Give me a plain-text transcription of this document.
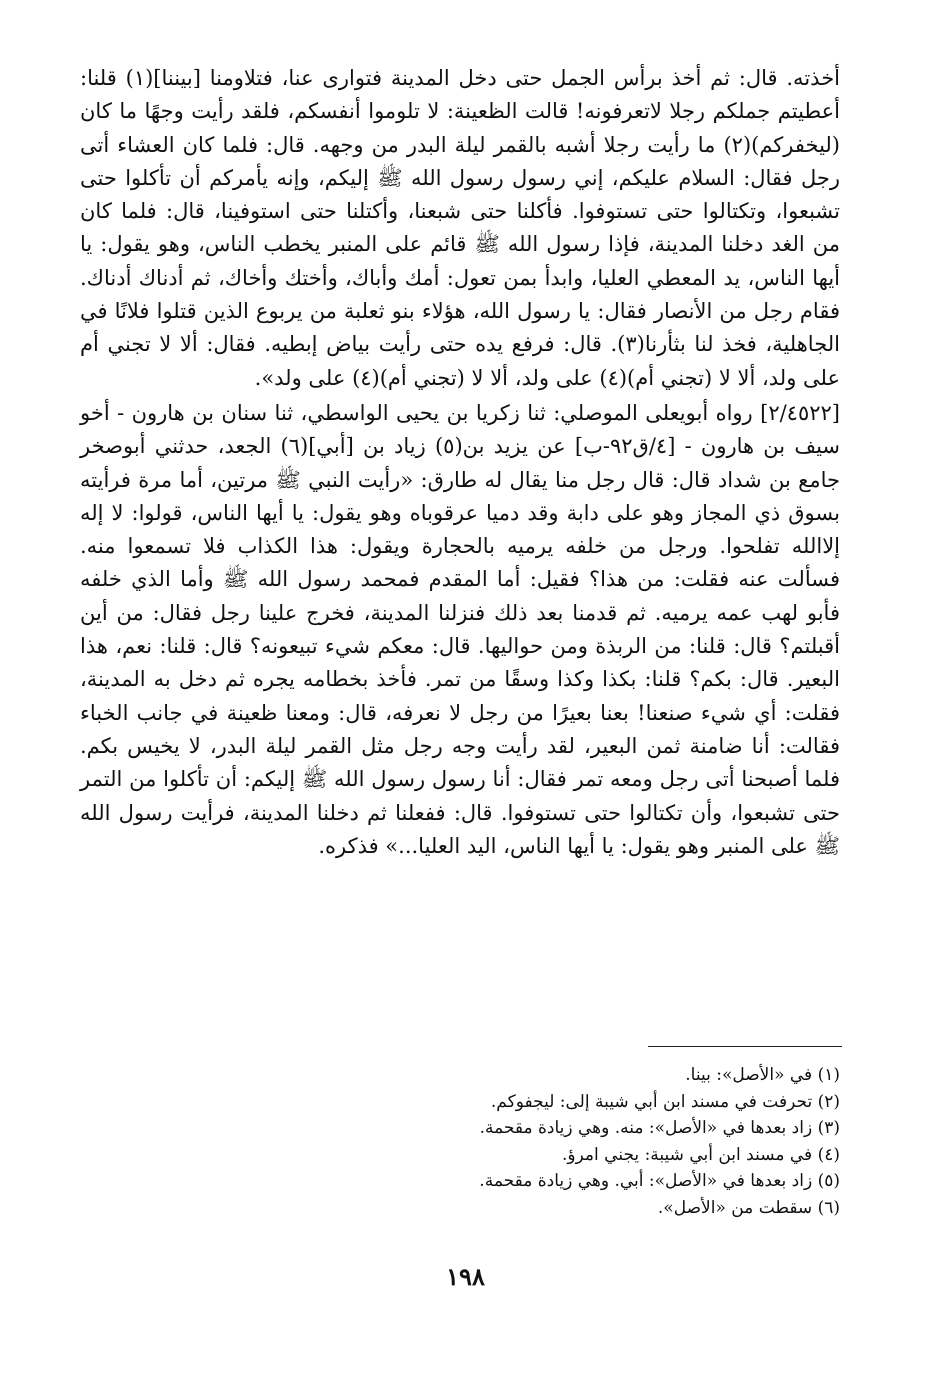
أخذته. قال: ثم أخذ برأس الجمل حتى دخل المدينة فتوارى عنا، فتلاومنا [بيننا](١) قلنا: أعطيتم جملكم رجلا لاتعرفونه! قالت الظعينة: لا تلوموا أنفسكم، فلقد رأيت وجهًا ما كان (ليخفركم)(٢) ما رأيت رجلا أشبه بالقمر ليلة البدر من وجهه. قال: فلما كان العشاء أتى رجل فقال: السلام عليكم، إني رسول رسول الله ﷺ إليكم، وإنه يأمركم أن تأكلوا حتى تشبعوا، وتكتالوا حتى تستوفوا. فأكلنا حتى شبعنا، وأكتلنا حتى استوفينا، قال: فلما كان من الغد دخلنا المدينة، فإذا رسول الله ﷺ قائم على المنبر يخطب الناس، وهو يقول: يا أيها الناس، يد المعطي العليا، وابدأ بمن تعول: أمك وأباك، وأختك وأخاك، ثم أدناك أدناك. فقام رجل من الأنصار فقال: يا رسول الله، هؤلاء بنو ثعلبة من يربوع الذين قتلوا فلانًا في الجاهلية، فخذ لنا بثأرنا(٣). قال: فرفع يده حتى رأيت بياض إبطيه. فقال: ألا لا تجني أم على ولد، ألا لا (تجني أم)(٤) على ولد، ألا لا (تجني أم)(٤) على ولد».

[٢/٤٥٢٢] رواه أبويعلى الموصلي: ثنا زكريا بن يحيى الواسطي، ثنا سنان بن هارون - أخو سيف بن هارون - [٤/ق٩٢-ب] عن يزيد بن(٥) زياد بن [أبي](٦) الجعد، حدثني أبوصخر جامع بن شداد قال: قال رجل منا يقال له طارق: «رأيت النبي ﷺ مرتين، أما مرة فرأيته بسوق ذي المجاز وهو على دابة وقد دميا عرقوباه وهو يقول: يا أيها الناس، قولوا: لا إله إلاالله تفلحوا. ورجل من خلفه يرميه بالحجارة ويقول: هذا الكذاب فلا تسمعوا منه. فسألت عنه فقلت: من هذا؟ فقيل: أما المقدم فمحمد رسول الله ﷺ وأما الذي خلفه فأبو لهب عمه يرميه. ثم قدمنا بعد ذلك فنزلنا المدينة، فخرج علينا رجل فقال: من أين أقبلتم؟ قال: قلنا: من الربذة ومن حواليها. قال: معكم شيء تبيعونه؟ قال: قلنا: نعم، هذا البعير. قال: بكم؟ قلنا: بكذا وكذا وسقًا من تمر. فأخذ بخطامه يجره ثم دخل به المدينة، فقلت: أي شيء صنعنا! بعنا بعيرًا من رجل لا نعرفه، قال: ومعنا ظعينة في جانب الخباء فقالت: أنا ضامنة ثمن البعير، لقد رأيت وجه رجل مثل القمر ليلة البدر، لا يخيس بكم. فلما أصبحنا أتى رجل ومعه تمر فقال: أنا رسول رسول الله ﷺ إليكم: أن تأكلوا من التمر حتى تشبعوا، وأن تكتالوا حتى تستوفوا. قال: ففعلنا ثم دخلنا المدينة، فرأيت رسول الله ﷺ على المنبر وهو يقول: يا أيها الناس، اليد العليا...» فذكره.

(١) في «الأصل»: بينا.

(٢) تحرفت في مسند ابن أبي شيبة إلى: ليجفوكم.

(٣) زاد بعدها في «الأصل»: منه. وهي زيادة مقحمة.

(٤) في مسند ابن أبي شيبة: يجني امرؤ.

(٥) زاد بعدها في «الأصل»: أبي. وهي زيادة مقحمة.

(٦) سقطت من «الأصل».

١٩٨
